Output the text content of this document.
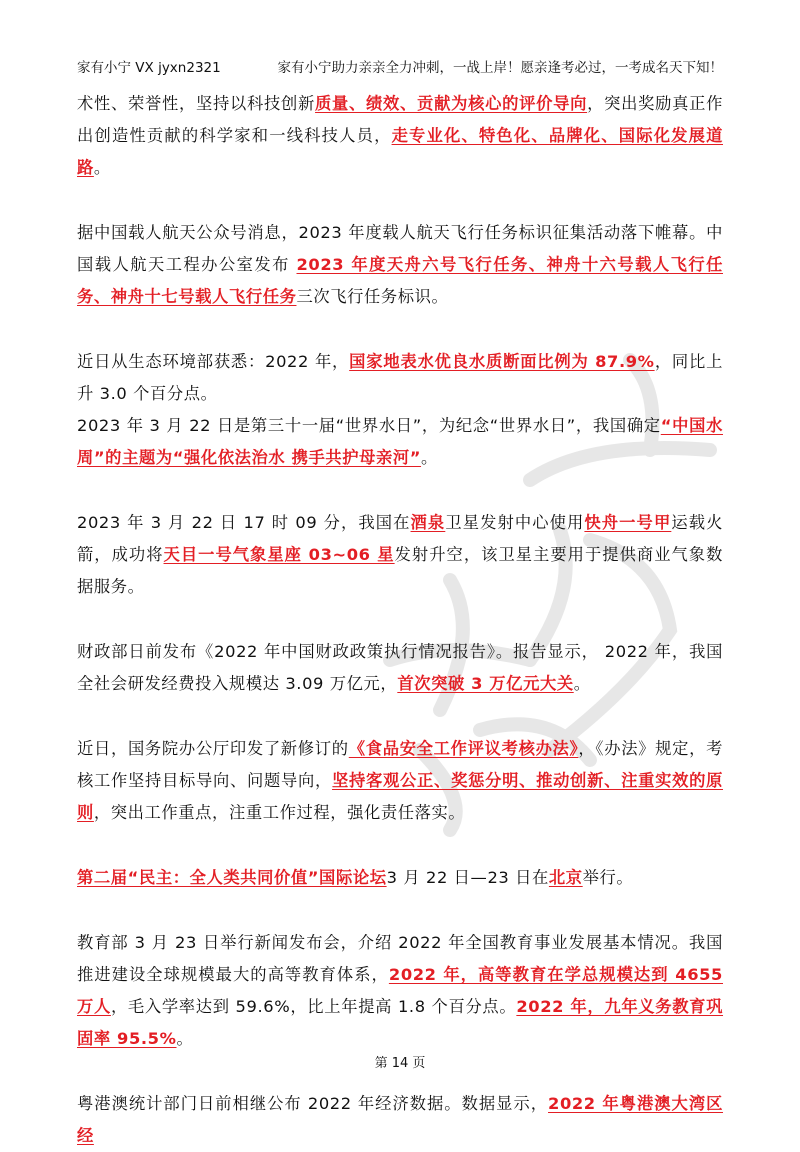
家有小宁 VX jyxn2321	家有小宁助力亲亲全力冲刺，一战上岸！愿亲逢考必过，一考成名天下知！

术性、荣誉性，坚持以科技创新质量、绩效、贡献为核心的评价导向，突出奖励真正作出创造性贡献的科学家和一线科技人员，走专业化、特色化、品牌化、国际化发展道路。

据中国载人航天公众号消息，2023 年度载人航天飞行任务标识征集活动落下帷幕。中国载人航天工程办公室发布 2023 年度天舟六号飞行任务、神舟十六号载人飞行任务、神舟十七号载人飞行任务三次飞行任务标识。

近日从生态环境部获悉：2022 年，国家地表水优良水质断面比例为 87.9%，同比上升 3.0 个百分点。

2023 年 3 月 22 日是第三十一届“世界水日”，为纪念“世界水日”，我国确定“中国水周”的主题为“强化依法治水 携手共护母亲河”。

2023 年 3 月 22 日 17 时 09 分，我国在酒泉卫星发射中心使用快舟一号甲运载火箭，成功将天目一号气象星座 03~06 星发射升空，该卫星主要用于提供商业气象数据服务。

财政部日前发布《2022 年中国财政政策执行情况报告》。报告显示， 2022 年，我国全社会研发经费投入规模达 3.09 万亿元，首次突破 3 万亿元大关。

近日，国务院办公厅印发了新修订的《食品安全工作评议考核办法》，《办法》规定，考核工作坚持目标导向、问题导向，坚持客观公正、奖惩分明、推动创新、注重实效的原则，突出工作重点，注重工作过程，强化责任落实。

第二届“民主：全人类共同价值”国际论坛3 月 22 日—23 日在北京举行。

教育部 3 月 23 日举行新闻发布会，介绍 2022 年全国教育事业发展基本情况。我国推进建设全球规模最大的高等教育体系，2022 年，高等教育在学总规模达到 4655 万人，毛入学率达到 59.6%，比上年提高 1.8 个百分点。2022 年，九年义务教育巩固率 95.5%。

粤港澳统计部门日前相继公布 2022 年经济数据。数据显示，2022 年粤港澳大湾区经

第 14 页
